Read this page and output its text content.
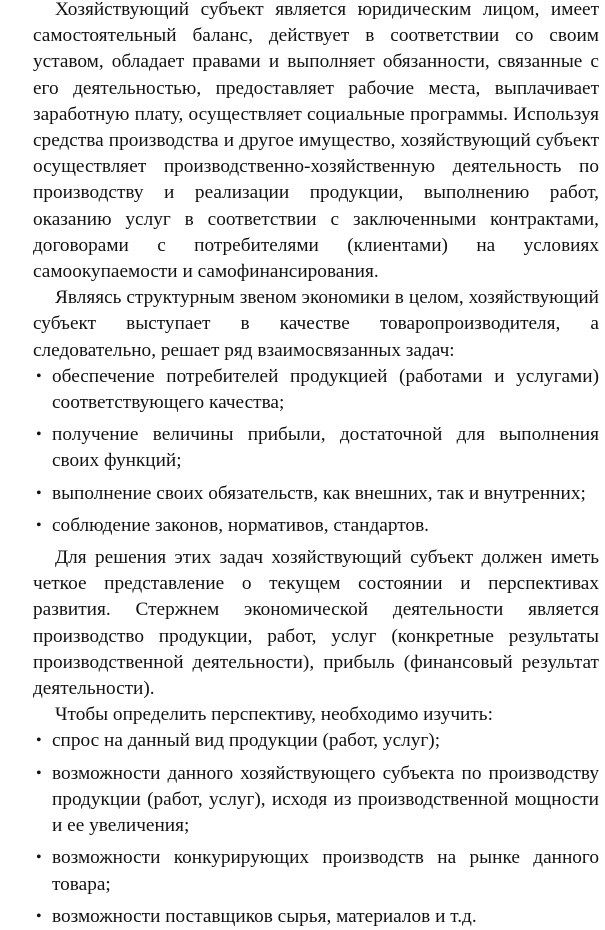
Хозяйствующий субъект является юридическим лицом, имеет самостоятельный баланс, действует в соответствии со своим уставом, обладает правами и выполняет обязанности, связанные с его деятельностью, предоставляет рабочие места, выплачивает заработную плату, осуществляет социальные программы. Используя средства производства и другое имущество, хозяйствующий субъект осуществляет производственно-хозяйственную деятельность по производству и реализации продукции, выполнению работ, оказанию услуг в соответствии с заключенными контрактами, договорами с потребителями (клиентами) на условиях самоокупаемости и самофинансирования.

Являясь структурным звеном экономики в целом, хозяйствующий субъект выступает в качестве товаропроизводителя, а следовательно, решает ряд взаимосвязанных задач:

• обеспечение потребителей продукцией (работами и услугами) соответствующего качества;
• получение величины прибыли, достаточной для выполнения своих функций;
• выполнение своих обязательств, как внешних, так и внутренних;
• соблюдение законов, нормативов, стандартов.

Для решения этих задач хозяйствующий субъект должен иметь четкое представление о текущем состоянии и перспективах развития. Стержнем экономической деятельности является производство продукции, работ, услуг (конкретные результаты производственной деятельности), прибыль (финансовый результат деятельности).

Чтобы определить перспективу, необходимо изучить:

• спрос на данный вид продукции (работ, услуг);
• возможности данного хозяйствующего субъекта по производству продукции (работ, услуг), исходя из производственной мощности и ее увеличения;
• возможности конкурирующих производств на рынке данного товара;
• возможности поставщиков сырья, материалов и т.д.
